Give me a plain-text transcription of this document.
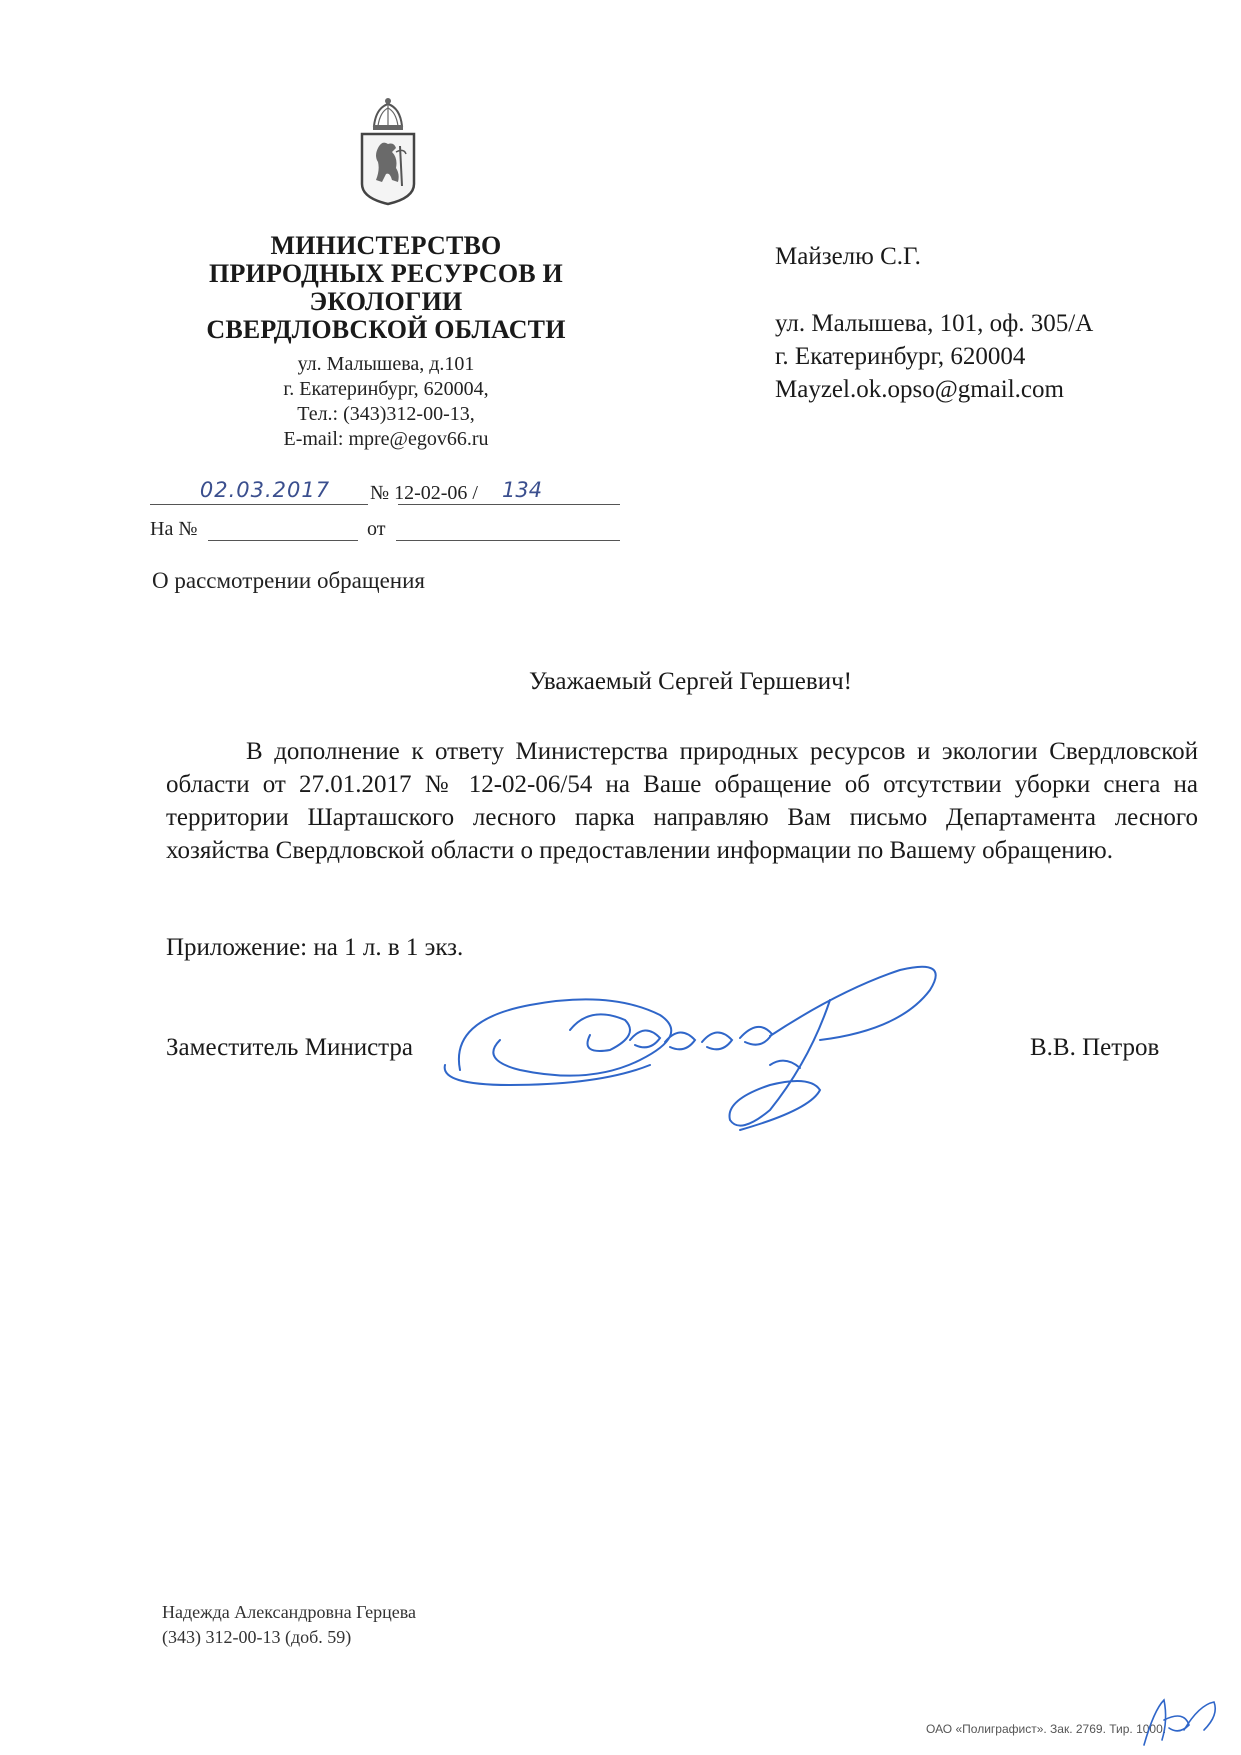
МИНИСТЕРСТВО
ПРИРОДНЫХ РЕСУРСОВ И
ЭКОЛОГИИ
СВЕРДЛОВСКОЙ ОБЛАСТИ
ул. Малышева, д.101
г. Екатеринбург, 620004,
Тел.: (343)312-00-13,
E-mail: mpre@egov66.ru
Майзелю С.Г.
ул. Малышева, 101, оф. 305/А
г. Екатеринбург, 620004
Mayzel.ok.opso@gmail.com
02.03.2017	№ 12-02-06 / 134
На №	от
О рассмотрении обращения
Уважаемый Сергей Гершевич!
В дополнение к ответу Министерства природных ресурсов и экологии Свердловской области от 27.01.2017 № 12-02-06/54 на Ваше обращение об отсутствии уборки снега на территории Шарташского лесного парка направляю Вам письмо Департамента лесного хозяйства Свердловской области о предоставлении информации по Вашему обращению.
Приложение: на 1 л. в 1 экз.
Заместитель Министра	В.В. Петров
Надежда Александровна Герцева
(343) 312-00-13 (доб. 59)
ОАО «Полиграфист». Зак. 2769. Тир. 1000.
